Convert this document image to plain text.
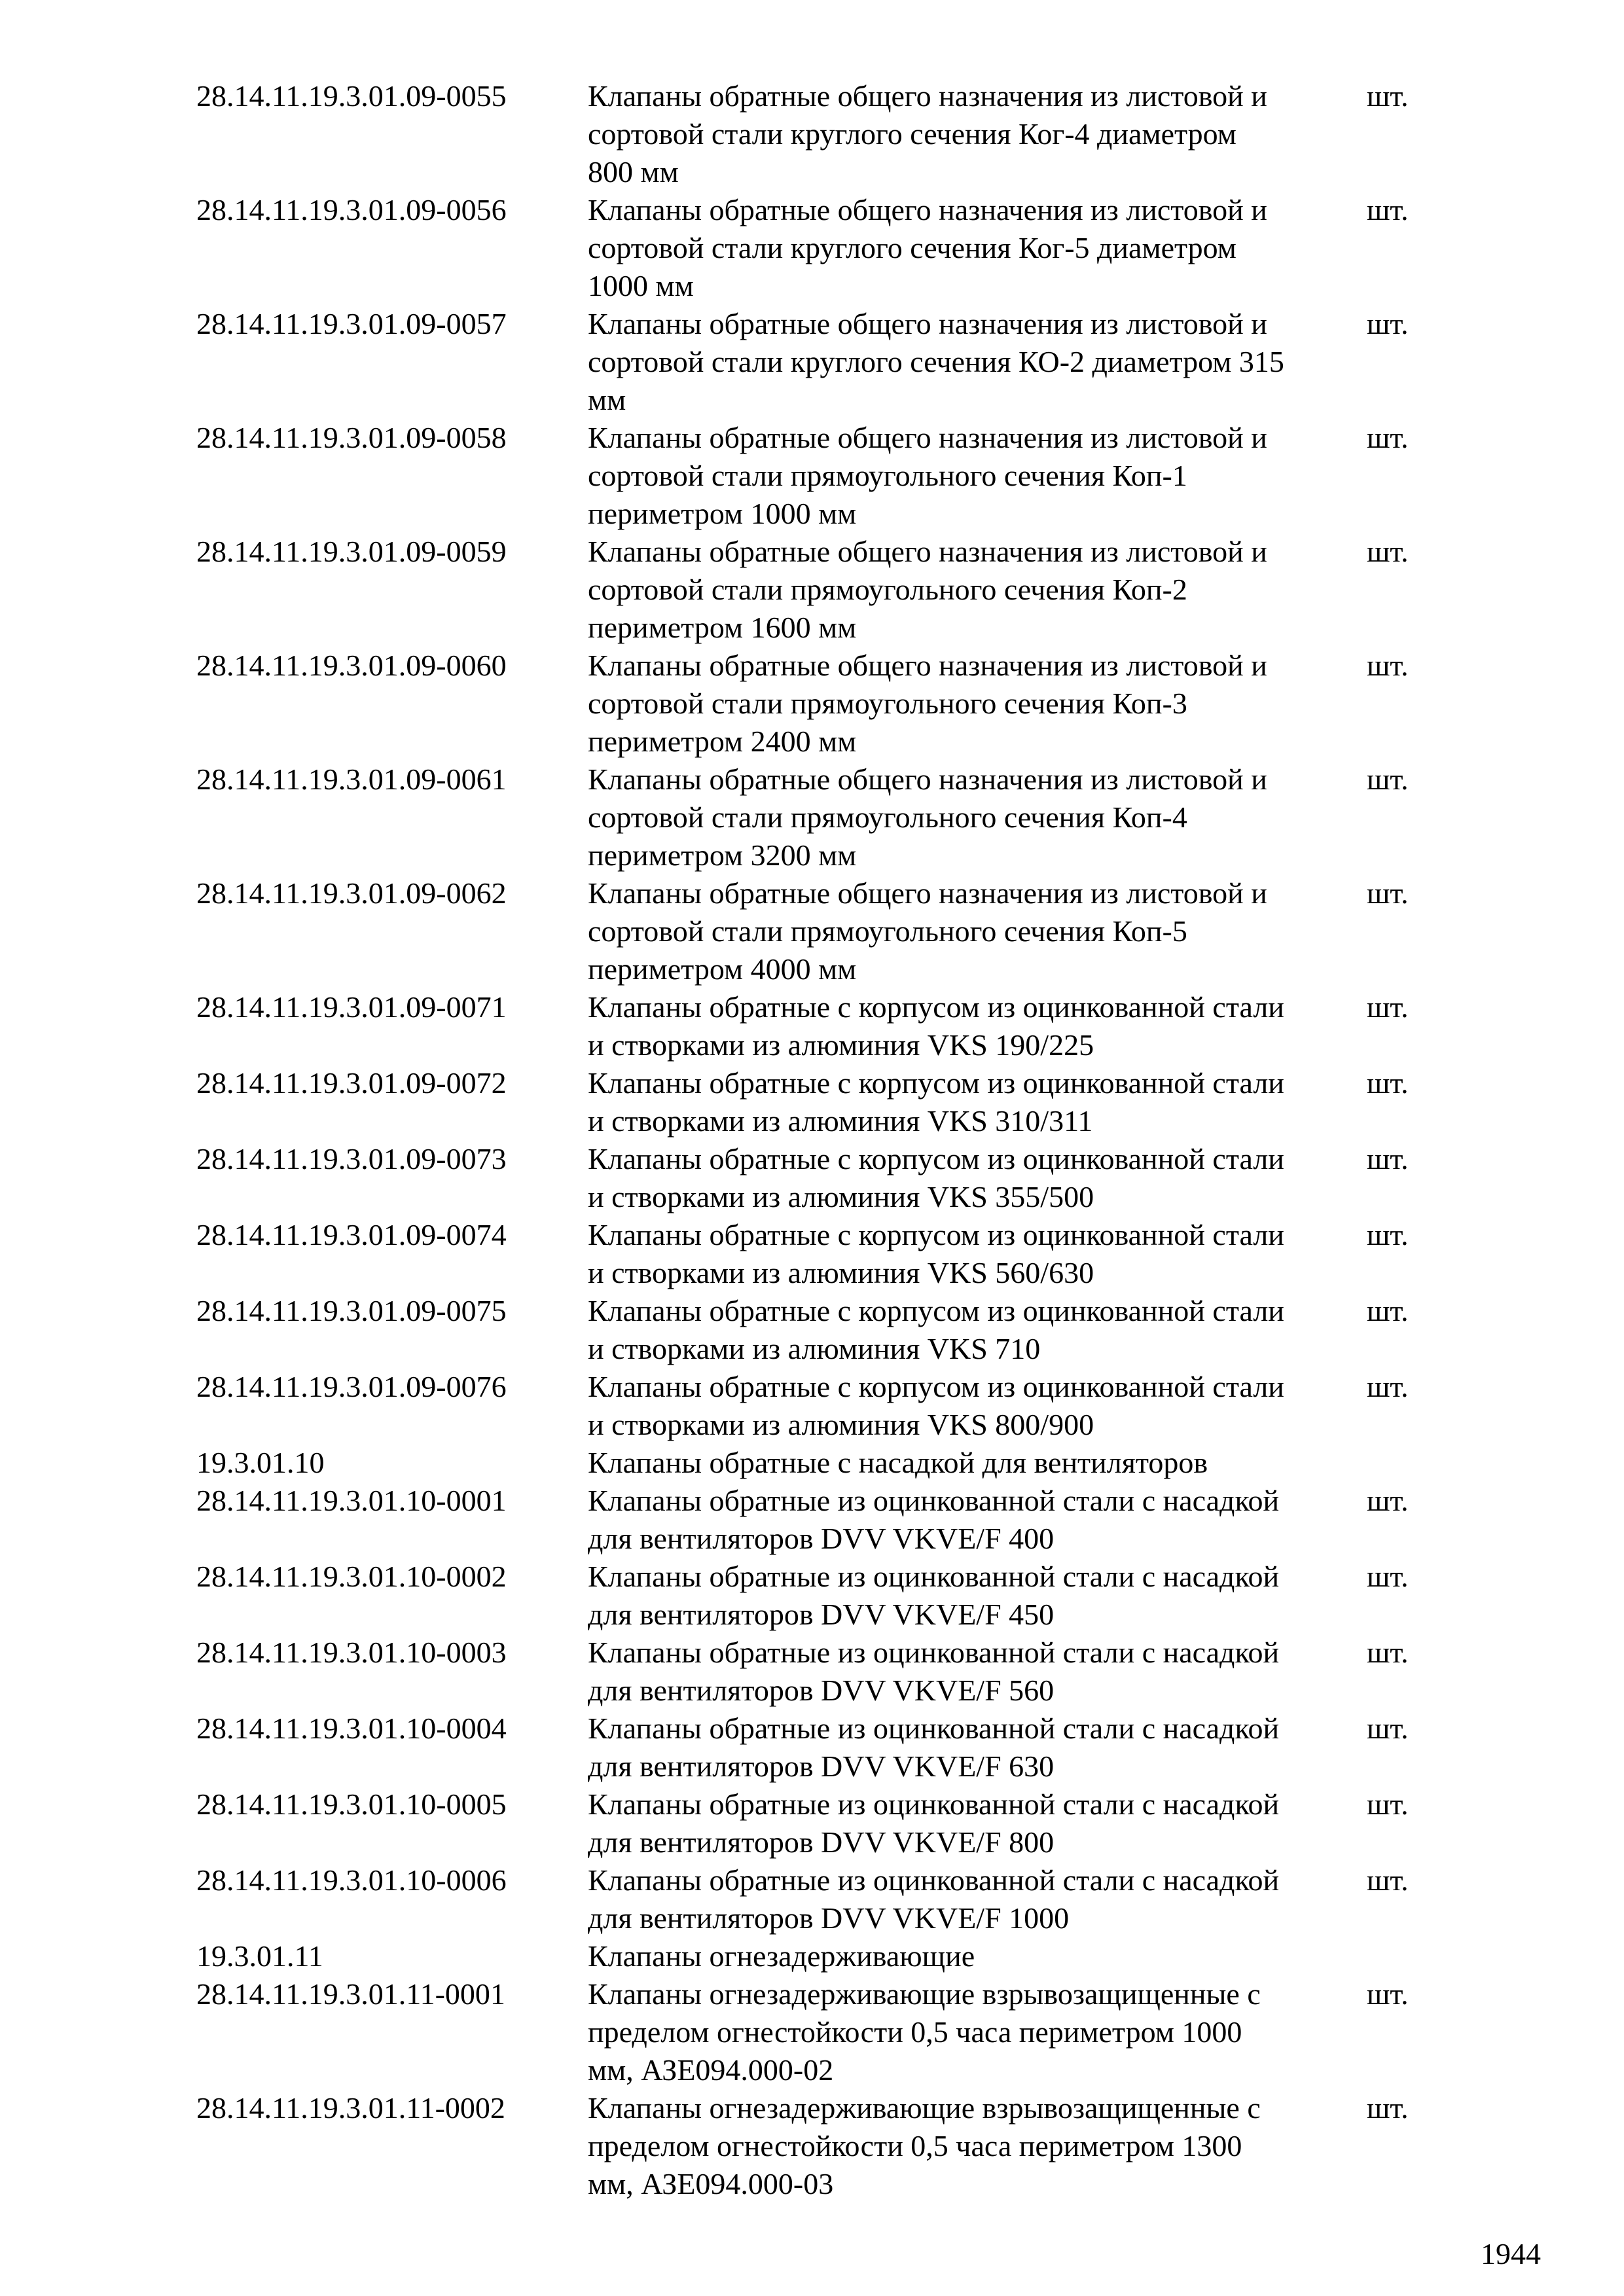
28.14.11.19.3.01.09-0055	Клапаны обратные общего назначения из листовой и
сортовой стали круглого сечения Ког-4 диаметром
800 мм
шт.
28.14.11.19.3.01.09-0056	Клапаны обратные общего назначения из листовой и
сортовой стали круглого сечения Ког-5 диаметром
1000 мм
шт.
28.14.11.19.3.01.09-0057	Клапаны обратные общего назначения из листовой и
сортовой стали круглого сечения КО-2 диаметром 315
мм
шт.
28.14.11.19.3.01.09-0058	Клапаны обратные общего назначения из листовой и
сортовой стали прямоугольного сечения Коп-1
периметром 1000 мм
шт.
28.14.11.19.3.01.09-0059	Клапаны обратные общего назначения из листовой и
сортовой стали прямоугольного сечения Коп-2
периметром 1600 мм
шт.
28.14.11.19.3.01.09-0060	Клапаны обратные общего назначения из листовой и
сортовой стали прямоугольного сечения Коп-3
периметром 2400 мм
шт.
28.14.11.19.3.01.09-0061	Клапаны обратные общего назначения из листовой и
сортовой стали прямоугольного сечения Коп-4
периметром 3200 мм
шт.
28.14.11.19.3.01.09-0062	Клапаны обратные общего назначения из листовой и
сортовой стали прямоугольного сечения Коп-5
периметром 4000 мм
шт.
28.14.11.19.3.01.09-0071	Клапаны обратные с корпусом из оцинкованной стали
и створками из алюминия VKS 190/225
шт.
28.14.11.19.3.01.09-0072	Клапаны обратные с корпусом из оцинкованной стали
и створками из алюминия VKS 310/311
шт.
28.14.11.19.3.01.09-0073	Клапаны обратные с корпусом из оцинкованной стали
и створками из алюминия VKS 355/500
шт.
28.14.11.19.3.01.09-0074	Клапаны обратные с корпусом из оцинкованной стали
и створками из алюминия VKS 560/630
шт.
28.14.11.19.3.01.09-0075	Клапаны обратные с корпусом из оцинкованной стали
и створками из алюминия VKS 710
шт.
28.14.11.19.3.01.09-0076	Клапаны обратные с корпусом из оцинкованной стали
и створками из алюминия VKS 800/900
шт.
19.3.01.10	Клапаны обратные с насадкой для вентиляторов
28.14.11.19.3.01.10-0001	Клапаны обратные из оцинкованной стали с насадкой
для вентиляторов DVV VKVE/F 400
шт.
28.14.11.19.3.01.10-0002	Клапаны обратные из оцинкованной стали с насадкой
для вентиляторов DVV VKVE/F 450
шт.
28.14.11.19.3.01.10-0003	Клапаны обратные из оцинкованной стали с насадкой
для вентиляторов DVV VKVE/F 560
шт.
28.14.11.19.3.01.10-0004	Клапаны обратные из оцинкованной стали с насадкой
для вентиляторов DVV VKVE/F 630
шт.
28.14.11.19.3.01.10-0005	Клапаны обратные из оцинкованной стали с насадкой
для вентиляторов DVV VKVE/F 800
шт.
28.14.11.19.3.01.10-0006	Клапаны обратные из оцинкованной стали с насадкой
для вентиляторов DVV VKVE/F 1000
шт.
19.3.01.11	Клапаны огнезадерживающие
28.14.11.19.3.01.11-0001	Клапаны огнезадерживающие взрывозащищенные с
пределом огнестойкости 0,5 часа периметром 1000
мм, АЗЕ094.000-02
шт.
28.14.11.19.3.01.11-0002	Клапаны огнезадерживающие взрывозащищенные с
пределом огнестойкости 0,5 часа периметром 1300
мм, АЗЕ094.000-03
шт.
1944
